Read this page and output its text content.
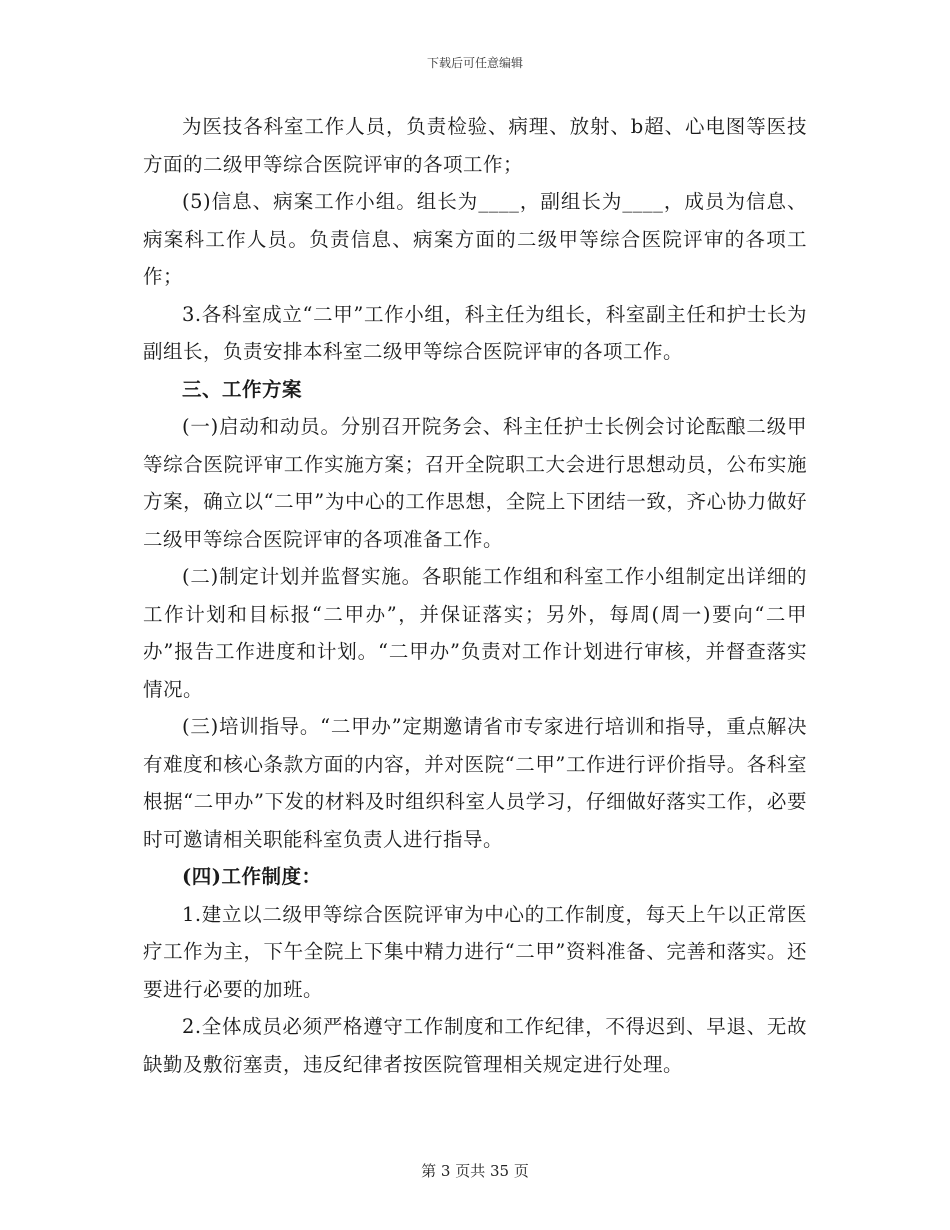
下载后可任意编辑

为医技各科室工作人员，负责检验、病理、放射、b超、心电图等医技方面的二级甲等综合医院评审的各项工作；

(5)信息、病案工作小组。组长为____，副组长为____，成员为信息、病案科工作人员。负责信息、病案方面的二级甲等综合医院评审的各项工作；

3.各科室成立“二甲”工作小组，科主任为组长，科室副主任和护士长为副组长，负责安排本科室二级甲等综合医院评审的各项工作。

三、工作方案

(一)启动和动员。分别召开院务会、科主任护士长例会讨论酝酿二级甲等综合医院评审工作实施方案；召开全院职工大会进行思想动员，公布实施方案，确立以“二甲”为中心的工作思想，全院上下团结一致，齐心协力做好二级甲等综合医院评审的各项准备工作。

(二)制定计划并监督实施。各职能工作组和科室工作小组制定出详细的工作计划和目标报“二甲办”，并保证落实；另外，每周(周一)要向“二甲办”报告工作进度和计划。“二甲办”负责对工作计划进行审核，并督查落实情况。

(三)培训指导。“二甲办”定期邀请省市专家进行培训和指导，重点解决有难度和核心条款方面的内容，并对医院“二甲”工作进行评价指导。各科室根据“二甲办”下发的材料及时组织科室人员学习，仔细做好落实工作，必要时可邀请相关职能科室负责人进行指导。

(四)工作制度：

1.建立以二级甲等综合医院评审为中心的工作制度，每天上午以正常医疗工作为主，下午全院上下集中精力进行“二甲”资料准备、完善和落实。还要进行必要的加班。

2.全体成员必须严格遵守工作制度和工作纪律，不得迟到、早退、无故缺勤及敷衍塞责，违反纪律者按医院管理相关规定进行处理。

第 3 页共 35 页
